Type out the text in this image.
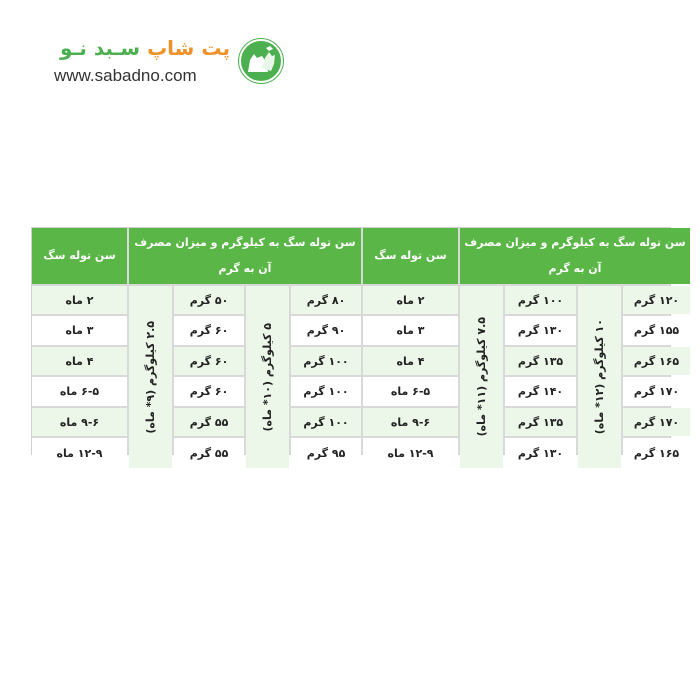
پت شاپ سـبد نـو
www.sabadno.com
سن توله سگ
سن توله سگ به کیلوگرم و میزان مصرف آن به گرم
سن توله سگ
سن توله سگ به کیلوگرم و میزان مصرف آن به گرم
۲.۵ کیلوگرم (۹* ماه)
۵ کیلوگرم (۱۰* ماه)
۷.۵ کیلوگرم (۱۱* ماه)
۱۰ کیلوگرم (۱۲* ماه)
۲ ماه	۵۰ گرم	۸۰ گرم	۲ ماه	۱۰۰ گرم	۱۲۰ گرم
۳ ماه	۶۰ گرم	۹۰ گرم	۳ ماه	۱۳۰ گرم	۱۵۵ گرم
۴ ماه	۶۰ گرم	۱۰۰ گرم	۴ ماه	۱۳۵ گرم	۱۶۵ گرم
۶-۵ ماه	۶۰ گرم	۱۰۰ گرم	۶-۵ ماه	۱۴۰ گرم	۱۷۰ گرم
۹-۶ ماه	۵۵ گرم	۱۰۰ گرم	۹-۶ ماه	۱۳۵ گرم	۱۷۰ گرم
۱۲-۹ ماه	۵۵ گرم	۹۵ گرم	۱۲-۹ ماه	۱۳۰ گرم	۱۶۵ گرم
